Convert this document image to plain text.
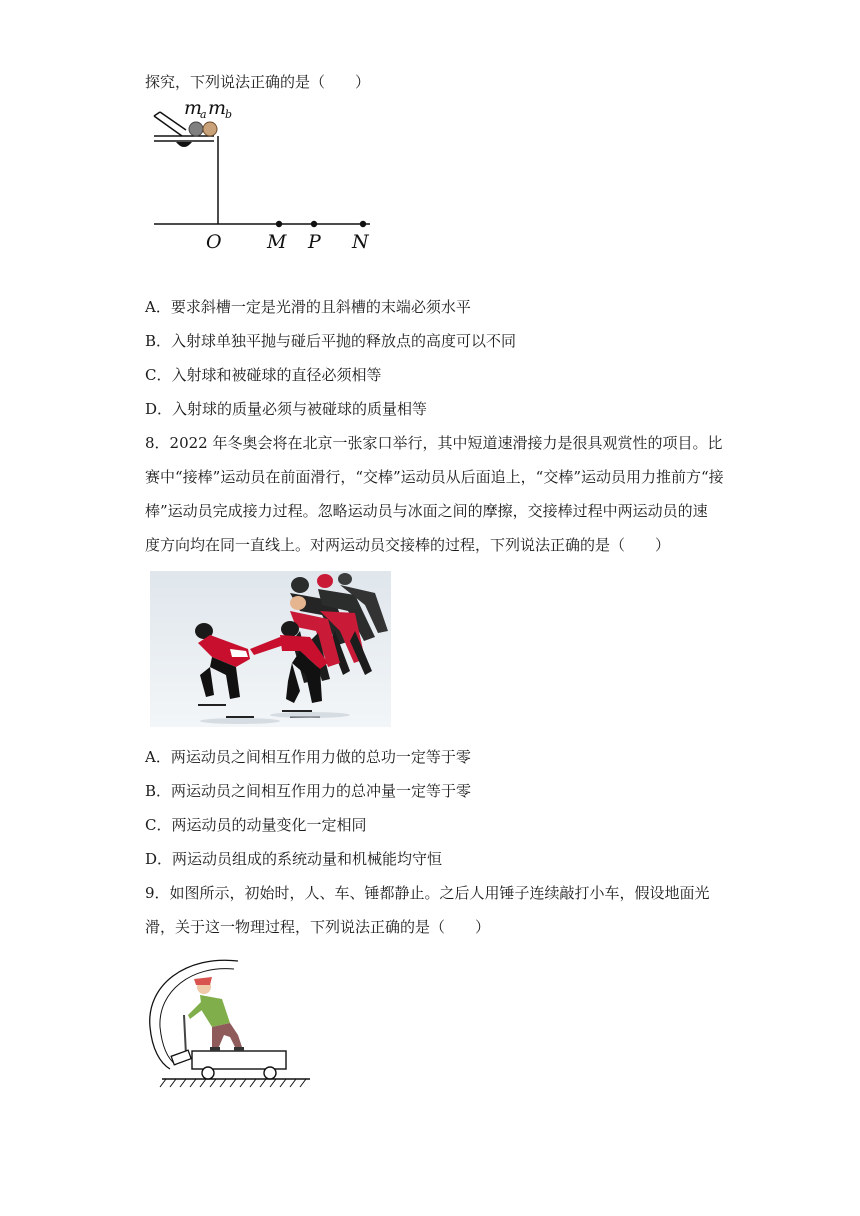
探究，下列说法正确的是（　　）
m
a m
b
O M P N
A．要求斜槽一定是光滑的且斜槽的末端必须水平
B．入射球单独平抛与碰后平抛的释放点的高度可以不同
C．入射球和被碰球的直径必须相等
D．入射球的质量必须与被碰球的质量相等
8．2022 年冬奥会将在北京一张家口举行，其中短道速滑接力是很具观赏性的项目。比
赛中“接棒”运动员在前面滑行，“交棒”运动员从后面追上，“交棒”运动员用力推前方“接
棒”运动员完成接力过程。忽略运动员与冰面之间的摩擦，交接棒过程中两运动员的速
度方向均在同一直线上。对两运动员交接棒的过程，下列说法正确的是（　　）
A．两运动员之间相互作用力做的总功一定等于零
B．两运动员之间相互作用力的总冲量一定等于零
C．两运动员的动量变化一定相同
D．两运动员组成的系统动量和机械能均守恒
9．如图所示，初始时，人、车、锤都静止。之后人用锤子连续敲打小车，假设地面光
滑，关于这一物理过程，下列说法正确的是（　　）
